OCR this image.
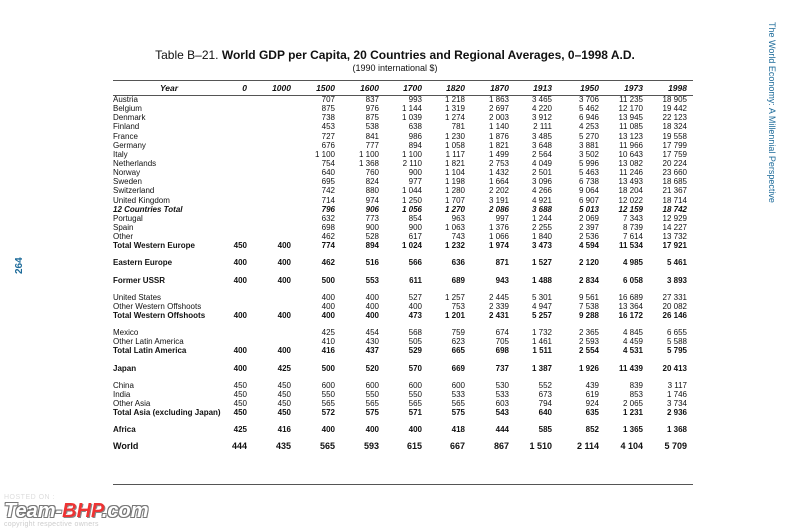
Table B–21. World GDP per Capita, 20 Countries and Regional Averages, 0–1998 A.D.
(1990 international $)	The World Economy: A Millennial Perspective
264
Year	0	1000	1500	1600	1700	1820	1870	1913	1950	1973	1998
Austria			707	837	993	1 218	1 863	3 465	3 706	11 235	18 905
Belgium			875	976	1 144	1 319	2 697	4 220	5 462	12 170	19 442
Denmark			738	875	1 039	1 274	2 003	3 912	6 946	13 945	22 123
Finland			453	538	638	781	1 140	2 111	4 253	11 085	18 324
France			727	841	986	1 230	1 876	3 485	5 270	13 123	19 558
Germany			676	777	894	1 058	1 821	3 648	3 881	11 966	17 799
Italy			1 100	1 100	1 100	1 117	1 499	2 564	3 502	10 643	17 759
Netherlands			754	1 368	2 110	1 821	2 753	4 049	5 996	13 082	20 224
Norway			640	760	900	1 104	1 432	2 501	5 463	11 246	23 660
Sweden			695	824	977	1 198	1 664	3 096	6 738	13 493	18 685
Switzerland			742	880	1 044	1 280	2 202	4 266	9 064	18 204	21 367
United Kingdom			714	974	1 250	1 707	3 191	4 921	6 907	12 022	18 714
12 Countries Total			796	906	1 056	1 270	2 086	3 688	5 013	12 159	18 742
Portugal			632	773	854	963	997	1 244	2 069	7 343	12 929
Spain			698	900	900	1 063	1 376	2 255	2 397	8 739	14 227
Other			462	528	617	743	1 066	1 840	2 536	7 614	13 732
Total Western Europe	450	400	774	894	1 024	1 232	1 974	3 473	4 594	11 534	17 921

Eastern Europe	400	400	462	516	566	636	871	1 527	2 120	4 985	5 461

Former USSR	400	400	500	553	611	689	943	1 488	2 834	6 058	3 893

United States			400	400	527	1 257	2 445	5 301	9 561	16 689	27 331
Other Western Offshoots			400	400	400	753	2 339	4 947	7 538	13 364	20 082
Total Western Offshoots	400	400	400	400	473	1 201	2 431	5 257	9 288	16 172	26 146

Mexico			425	454	568	759	674	1 732	2 365	4 845	6 655
Other Latin America			410	430	505	623	705	1 461	2 593	4 459	5 588
Total Latin America	400	400	416	437	529	665	698	1 511	2 554	4 531	5 795

Japan	400	425	500	520	570	669	737	1 387	1 926	11 439	20 413

China	450	450	600	600	600	600	530	552	439	839	3 117
India	450	450	550	550	550	533	533	673	619	853	1 746
Other Asia	450	450	565	565	565	565	603	794	924	2 065	3 734
Total Asia (excluding Japan)	450	450	572	575	571	575	543	640	635	1 231	2 936

Africa	425	416	400	400	400	418	444	585	852	1 365	1 368

World	444	435	565	593	615	667	867	1 510	2 114	4 104	5 709
HOSTED ON :
Team-BHP.com
copyright respective owners
